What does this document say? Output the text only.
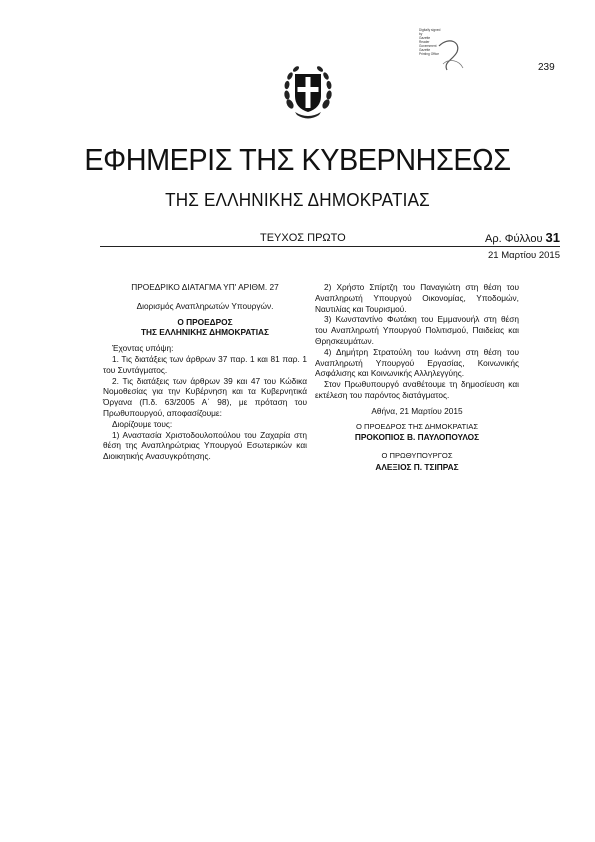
Digitally signed
by
Gazette
Reader
Government
Gazette
Printing Office
239
ΕΦΗΜΕΡΙΣ ΤΗΣ ΚΥΒΕΡΝΗΣΕΩΣ
ΤΗΣ ΕΛΛΗΝΙΚΗΣ ΔΗΜΟΚΡΑΤΙΑΣ
ΤΕΥΧΟΣ ΠΡΩΤΟ	Αρ. Φύλλου 31
21 Μαρτίου 2015
ΠΡΟΕΔΡΙΚΟ ΔΙΑΤΑΓΜΑ ΥΠ' ΑΡΙΘΜ. 27
Διορισμός Αναπληρωτών Υπουργών.
Ο ΠΡΟΕΔΡΟΣ
ΤΗΣ ΕΛΛΗΝΙΚΗΣ ΔΗΜΟΚΡΑΤΙΑΣ

Έχοντας υπόψη:

1. Τις διατάξεις των άρθρων 37 παρ. 1 και 81 παρ. 1 του Συντάγματος.

2. Τις διατάξεις των άρθρων 39 και 47 του Κώδικα Νομοθεσίας για την Κυβέρνηση και τα Κυβερνητικά Όργανα (Π.δ. 63/2005 Α΄ 98), με πρόταση του Πρωθυπουργού, αποφασίζουμε:

Διορίζουμε τους:

1) Αναστασία Χριστοδουλοπούλου του Ζαχαρία στη θέση της Αναπληρώτριας Υπουργού Εσωτερικών και Διοικητικής Ανασυγκρότησης.

2) Χρήστο Σπίρτζη του Παναγιώτη στη θέση του Αναπληρωτή Υπουργού Οικονομίας, Υποδομών, Ναυτιλίας και Τουρισμού.

3) Κωνσταντίνο Φωτάκη του Εμμανουήλ στη θέση του Αναπληρωτή Υπουργού Πολιτισμού, Παιδείας και Θρησκευμάτων.

4) Δημήτρη Στρατούλη του Ιωάννη στη θέση του Αναπληρωτή Υπουργού Εργασίας, Κοινωνικής Ασφάλισης και Κοινωνικής Αλληλεγγύης.

Στον Πρωθυπουργό αναθέτουμε τη δημοσίευση και εκτέλεση του παρόντος διατάγματος.

Αθήνα, 21 Μαρτίου 2015
Ο ΠΡΟΕΔΡΟΣ ΤΗΣ ΔΗΜΟΚΡΑΤΙΑΣ
ΠΡΟΚΟΠΙΟΣ Β. ΠΑΥΛΟΠΟΥΛΟΣ
Ο ΠΡΩΘΥΠΟΥΡΓΟΣ
ΑΛΕΞΙΟΣ Π. ΤΣΙΠΡΑΣ
